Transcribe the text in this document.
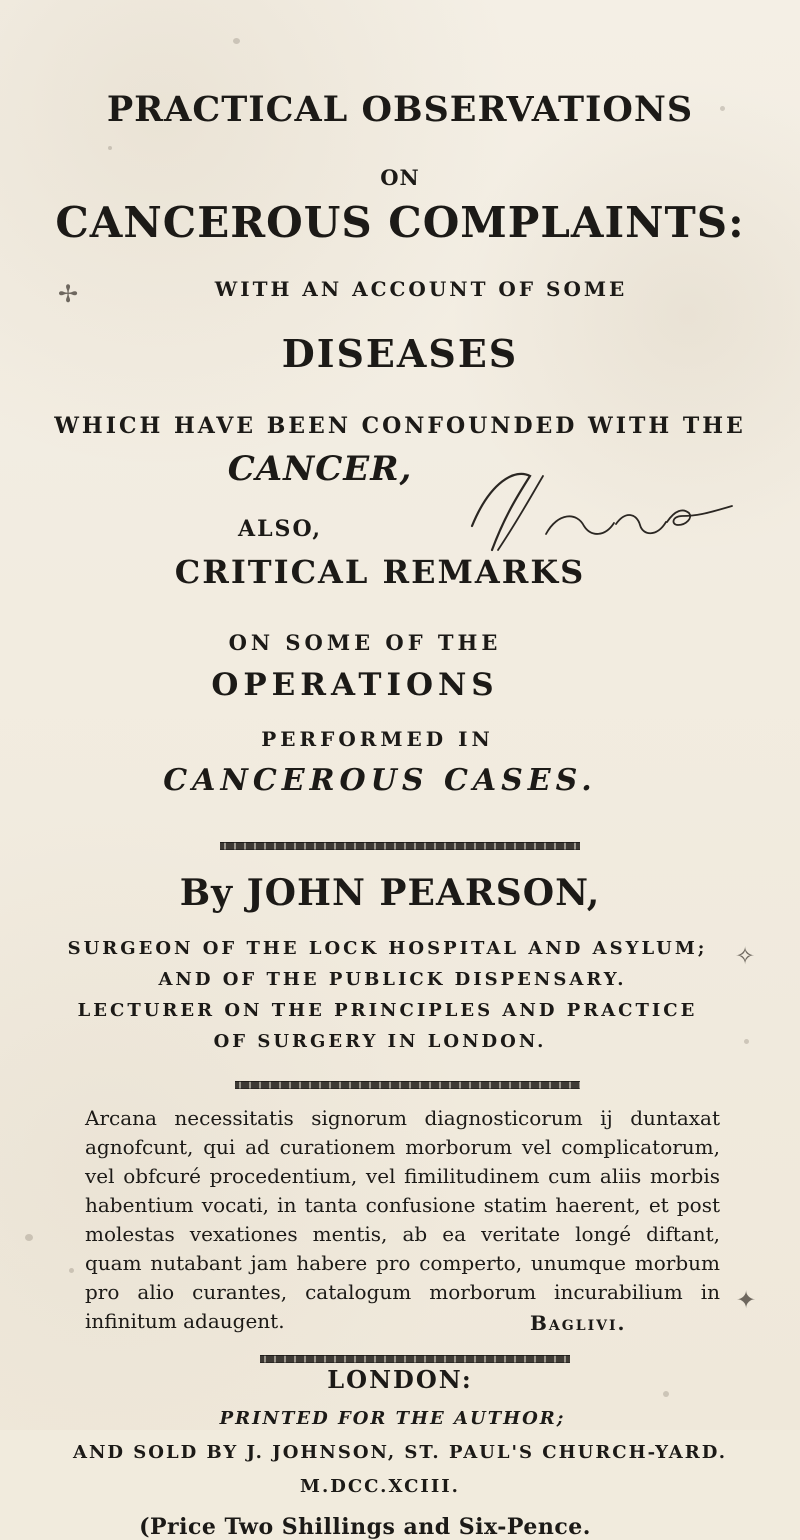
PRACTICAL OBSERVATIONS
ON
CANCEROUS COMPLAINTS:
WITH AN ACCOUNT OF SOME
DISEASES
WHICH HAVE BEEN CONFOUNDED WITH THE
CANCER,
ALSO,
CRITICAL REMARKS
ON SOME OF THE
OPERATIONS
PERFORMED IN
CANCEROUS CASES.
By JOHN PEARSON,
SURGEON OF THE LOCK HOSPITAL AND ASYLUM;
AND OF THE PUBLICK DISPENSARY.
LECTURER ON THE PRINCIPLES AND PRACTICE
OF SURGERY IN LONDON.
Arcana necessitatis signorum diagnosticorum ij duntaxat agnofcunt, qui ad curationem morborum vel complicatorum, vel obfcuré procedentium, vel fimilitudinem cum aliis morbis habentium vocati, in tanta confusione statim haerent, et post molestas vexationes mentis, ab ea veritate longé diftant, quam nutabant jam habere pro comperto, unumque morbum pro alio curantes, catalogum morborum incurabilium in infinitum adaugent.	Baglivi.
LONDON:
PRINTED FOR THE AUTHOR;
AND SOLD BY J. JOHNSON, ST. PAUL'S CHURCH-YARD.
M.DCC.XCIII.
(Price Two Shillings and Six-Pence.
✢
✧
✦
